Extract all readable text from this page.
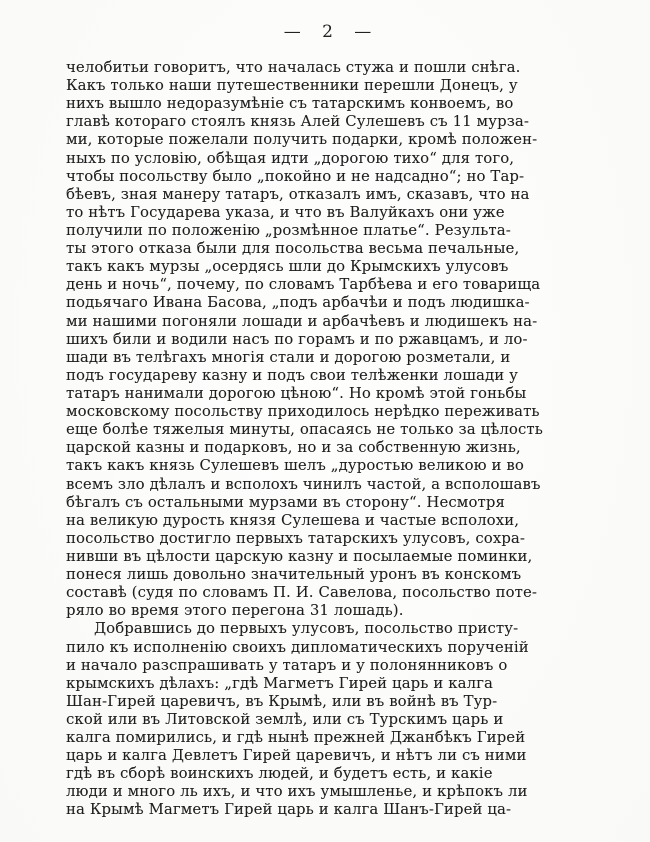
— 2 —
челобитьи говоритъ, что началась стужа и пошли снѣга.
Какъ только наши путешественники перешли Донецъ, у
нихъ вышло недоразумѣніе съ татарскимъ конвоемъ, во
главѣ котораго стоялъ князь Алей Сулешевъ съ 11 мурза-
ми, которые пожелали получить подарки, кромѣ положен-
ныхъ по условію, обѣщая идти „дорогою тихо“ для того,
чтобы посольству было „покойно и не надсадно“; но Тар-
бѣевъ, зная манеру татаръ, отказалъ имъ, сказавъ, что на
то нѣтъ Государева указа, и что въ Валуйкахъ они уже
получили по положенію „розмѣнное платье“. Результа-
ты этого отказа были для посольства весьма печальные,
такъ какъ мурзы „осердясь шли до Крымскихъ улусовъ
день и ночь“, почему, по словамъ Тарбѣева и его товарища
подьячаго Ивана Басова, „подъ арбачѣи и подъ людишка-
ми нашими погоняли лошади и арбачѣевъ и людишекъ на-
шихъ били и водили насъ по горамъ и по ржавцамъ, и ло-
шади въ телѣгахъ многія стали и дорогою розметали, и
подъ государеву казну и подъ свои телѣженки лошади у
татаръ нанимали дорогою цѣною“. Но кромѣ этой гоньбы
московскому посольству приходилось нерѣдко переживать
еще болѣе тяжелыя минуты, опасаясь не только за цѣлость
царской казны и подарковъ, но и за собственную жизнь,
такъ какъ князь Сулешевъ шелъ „дуростью великою и во
всемъ зло дѣлалъ и всполохъ чинилъ частой, а всполошавъ
бѣгалъ съ остальными мурзами въ сторону“. Несмотря
на великую дурость князя Сулешева и частые всполохи,
посольство достигло первыхъ татарскихъ улусовъ, сохра-
нивши въ цѣлости царскую казну и посылаемые поминки,
понеся лишь довольно значительный уронъ въ конскомъ
составѣ (судя по словамъ П. И. Савелова, посольство поте-
ряло во время этого перегона 31 лошадь).
Добравшись до первыхъ улусовъ, посольство присту-
пило къ исполненію своихъ дипломатическихъ порученій
и начало разспрашивать у татаръ и у полонянниковъ о
крымскихъ дѣлахъ: „гдѣ Магметъ Гирей царь и калга
Шан-Гирей царевичъ, въ Крымѣ, или въ войнѣ въ Тур-
ской или въ Литовской землѣ, или съ Турскимъ царь и
калга помирились, и гдѣ нынѣ прежней Джанбѣкъ Гирей
царь и калга Девлетъ Гирей царевичъ, и нѣтъ ли съ ними
гдѣ въ сборѣ воинскихъ людей, и будетъ есть, и какіе
люди и много ль ихъ, и что ихъ умышленье, и крѣпокъ ли
на Крымѣ Магметъ Гирей царь и калга Шанъ-Гирей ца-
